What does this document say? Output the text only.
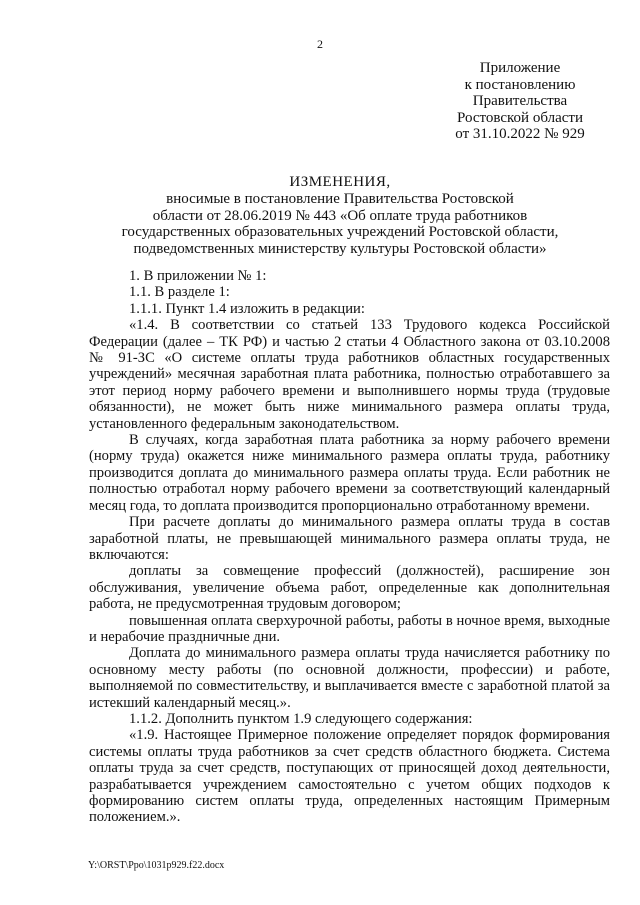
2
Приложение
к постановлению
Правительства
Ростовской области
от 31.10.2022 № 929
ИЗМЕНЕНИЯ,
вносимые в постановление Правительства Ростовской
области от 28.06.2019 № 443 «Об оплате труда работников
государственных образовательных учреждений Ростовской области,
подведомственных министерству культуры Ростовской области»

1. В приложении № 1:

1.1. В разделе 1:

1.1.1. Пункт 1.4 изложить в редакции:

«1.4. В соответствии со статьей 133 Трудового кодекса Российской Федерации (далее – ТК РФ) и частью 2 статьи 4 Областного закона от 03.10.2008 № 91-ЗС «О системе оплаты труда работников областных государственных учреждений» месячная заработная плата работника, полностью отработавшего за этот период норму рабочего времени и выполнившего нормы труда (трудовые обязанности), не может быть ниже минимального размера оплаты труда, установленного федеральным законодательством.

В случаях, когда заработная плата работника за норму рабочего времени (норму труда) окажется ниже минимального размера оплаты труда, работнику производится доплата до минимального размера оплаты труда. Если работник не полностью отработал норму рабочего времени за соответствующий календарный месяц года, то доплата производится пропорционально отработанному времени.

При расчете доплаты до минимального размера оплаты труда в состав заработной платы, не превышающей минимального размера оплаты труда, не включаются:

доплаты за совмещение профессий (должностей), расширение зон обслуживания, увеличение объема работ, определенные как дополнительная работа, не предусмотренная трудовым договором;

повышенная оплата сверхурочной работы, работы в ночное время, выходные и нерабочие праздничные дни.

Доплата до минимального размера оплаты труда начисляется работнику по основному месту работы (по основной должности, профессии) и работе, выполняемой по совместительству, и выплачивается вместе с заработной платой за истекший календарный месяц.».

1.1.2. Дополнить пунктом 1.9 следующего содержания:

«1.9. Настоящее Примерное положение определяет порядок формирования системы оплаты труда работников за счет средств областного бюджета. Система оплаты труда за счет средств, поступающих от приносящей доход деятельности, разрабатывается учреждением самостоятельно с учетом общих подходов к формированию систем оплаты труда, определенных настоящим Примерным положением.».

Y:\ORST\Ppo\1031p929.f22.docx
